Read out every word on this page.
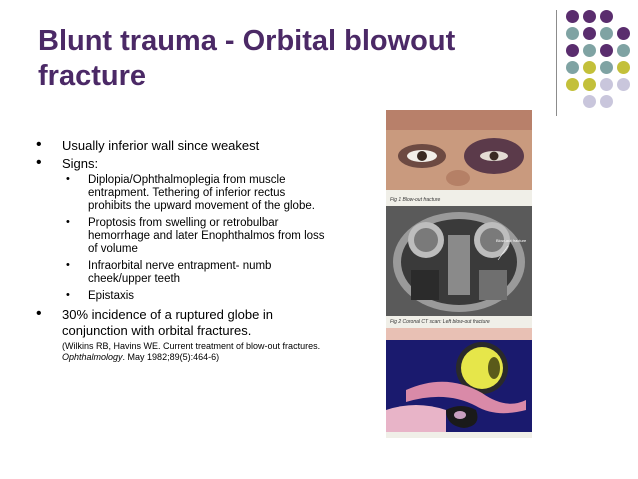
Blunt trauma - Orbital blowout fracture
• Usually inferior wall since weakest
• Signs:
• Diplopia/Ophthalmoplegia from muscle entrapment. Tethering of inferior rectus prohibits the upward movement of the globe.
• Proptosis from swelling or retrobulbar hemorrhage and later Enophthalmos from loss of volume
• Infraorbital nerve entrapment- numb cheek/upper teeth
• Epistaxis
• 30% incidence of a ruptured globe in conjunction with orbital fractures.
(Wilkins RB, Havins WE. Current treatment of blow-out fractures. Ophthalmology. May 1982;89(5):464-6)
Fig 1 Blow-out fracture
Blow-out fracture
Fig 2 Coronal CT scan: Left blow-out fracture
